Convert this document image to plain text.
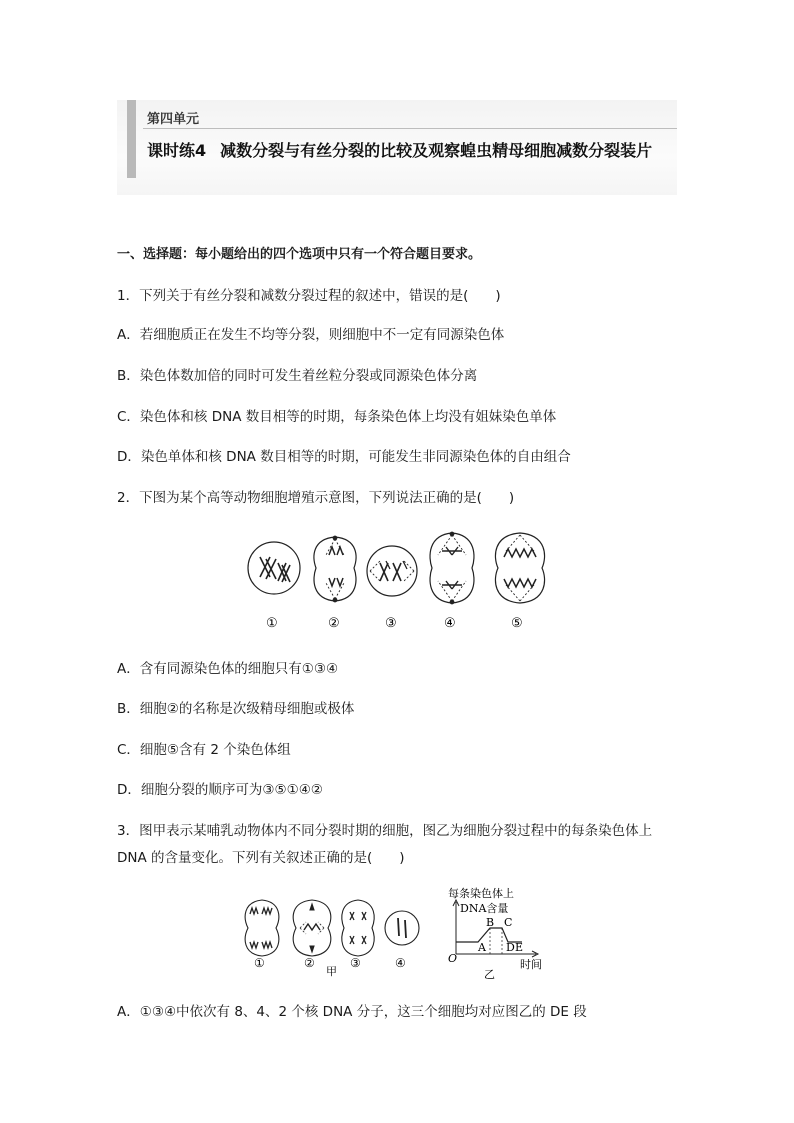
第四单元
课时练4 减数分裂与有丝分裂的比较及观察蝗虫精母细胞减数分裂装片
一、选择题：每小题给出的四个选项中只有一个符合题目要求。
1．下列关于有丝分裂和减数分裂过程的叙述中，错误的是(　　)
A．若细胞质正在发生不均等分裂，则细胞中不一定有同源染色体
B．染色体数加倍的同时可发生着丝粒分裂或同源染色体分离
C．染色体和核 DNA 数目相等的时期，每条染色体上均没有姐妹染色单体
D．染色单体和核 DNA 数目相等的时期，可能发生非同源染色体的自由组合
2．下图为某个高等动物细胞增殖示意图，下列说法正确的是(　　)
①	②	③	④	⑤
A．含有同源染色体的细胞只有①③④
B．细胞②的名称是次级精母细胞或极体
C．细胞⑤含有 2 个染色体组
D．细胞分裂的顺序可为③⑤①④②
3．图甲表示某哺乳动物体内不同分裂时期的细胞，图乙为细胞分裂过程中的每条染色体上
DNA 的含量变化。下列有关叙述正确的是(　　)
①	②	③	④
甲
每条染色体上
DNA含量
O
A
B C
D E
时间
乙
A．①③④中依次有 8、4、2 个核 DNA 分子，这三个细胞均对应图乙的 DE 段
